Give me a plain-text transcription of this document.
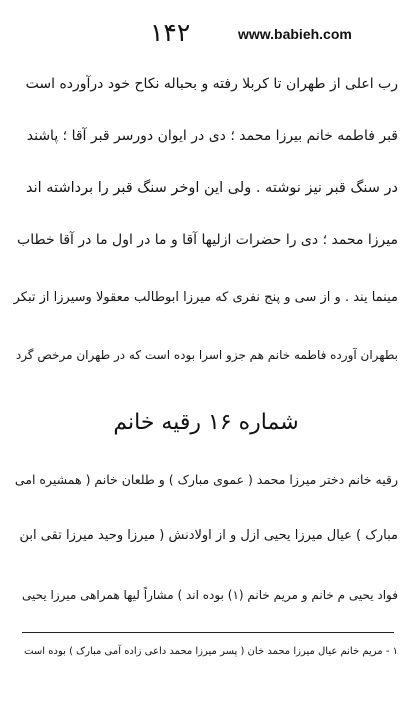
۱۴۲	www.babieh.com
رب اعلی از طهران تا کربلا رفته و بحباله نکاح خود درآورده است
قبر فاطمه خانم بیرزا محمد ؛ دی در ایوان دورسر قبر آقا ؛ پاشند
در سنگ قبر نیز نوشته . ولی این اوخر سنگ قبر را برداشته اند
میرزا محمد ؛ دی را حضرات ازلیها آقا و ما در اول ما در آقا خطاب
مینما یند . و از سی و پنج نفری که میرزا ابوطالب معقولا وسیرزا از تبکر
بطهران آورده فاطمه خانم هم جزو اسرا بوده است که در طهران مرخص گرد
شماره ۱۶ رقیه خانم
رقیه خانم دختر میرزا محمد ( عموی مبارک ) و طلعان خانم ( همشیره امی
مبارک ) عیال میرزا یحیی ازل و از اولادنش ( میرزا وحید میرزا تقی ابن
فواد یحیی م خانم و مریم خانم (۱) بوده اند ) مشاراً لیها همراهی میرزا یحیی
۱ - مریم خانم عیال میرزا محمد خان ( پسر میرزا محمد داعی زاده آمی مبارک ) بوده است
